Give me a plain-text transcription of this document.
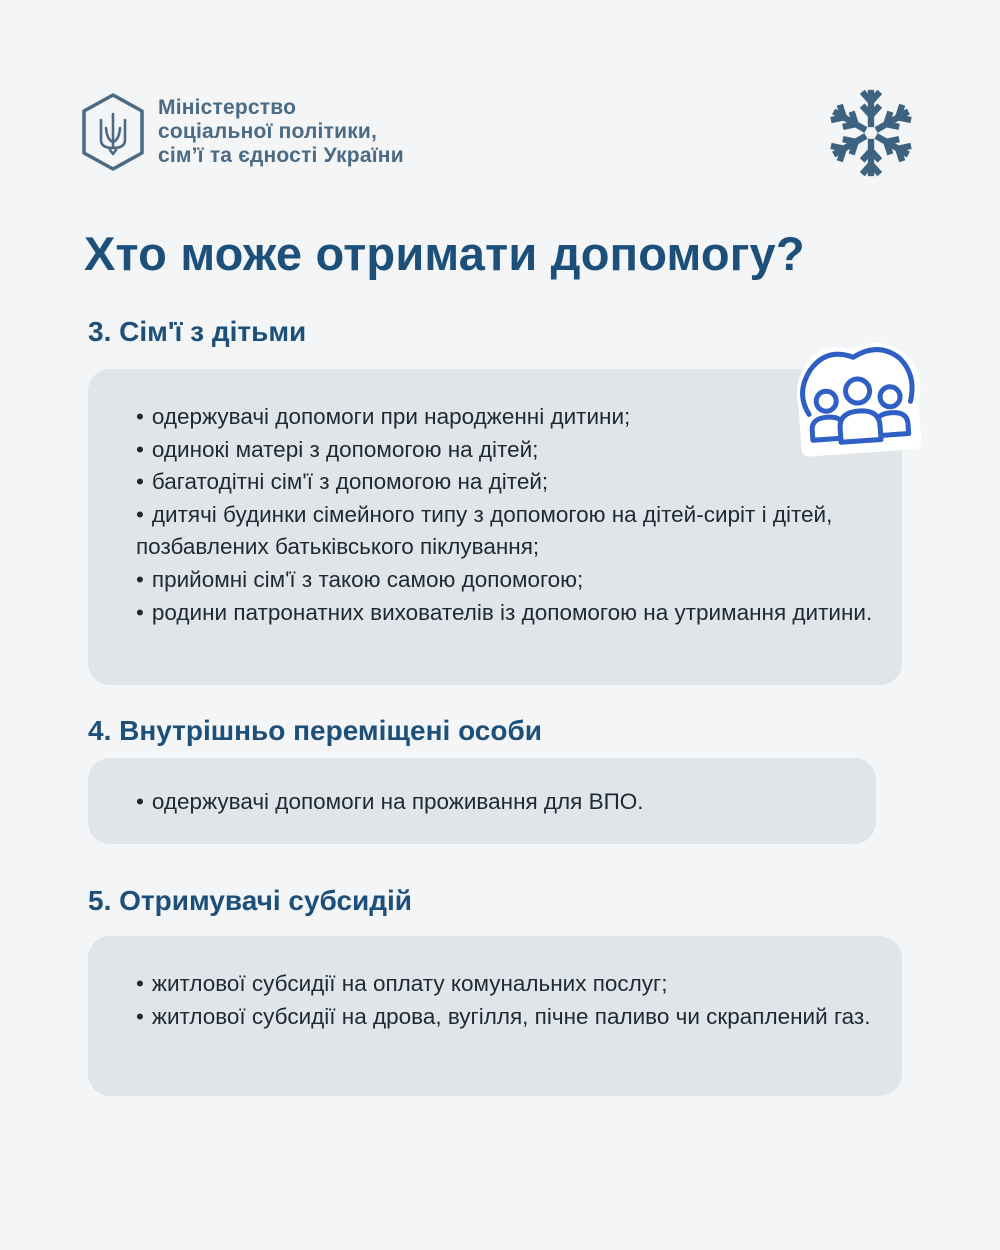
Міністерство
соціальної політики,
сім’ї та єдності України
Хто може отримати допомогу?
3. Сім'ї з дітьми
• одержувачі допомоги при народженні дитини;
• одинокі матері з допомогою на дітей;
• багатодітні сім'ї з допомогою на дітей;
• дитячі будинки сімейного типу з допомогою на дітей-сиріт і дітей, позбавлених батьківського піклування;
• прийомні сім'ї з такою самою допомогою;
• родини патронатних вихователів із допомогою на утримання дитини.
4. Внутрішньо переміщені особи
• одержувачі допомоги на проживання для ВПО.
5. Отримувачі субсидій
• житлової субсидії на оплату комунальних послуг;
• житлової субсидії на дрова, вугілля, пічне паливо чи скраплений газ.
